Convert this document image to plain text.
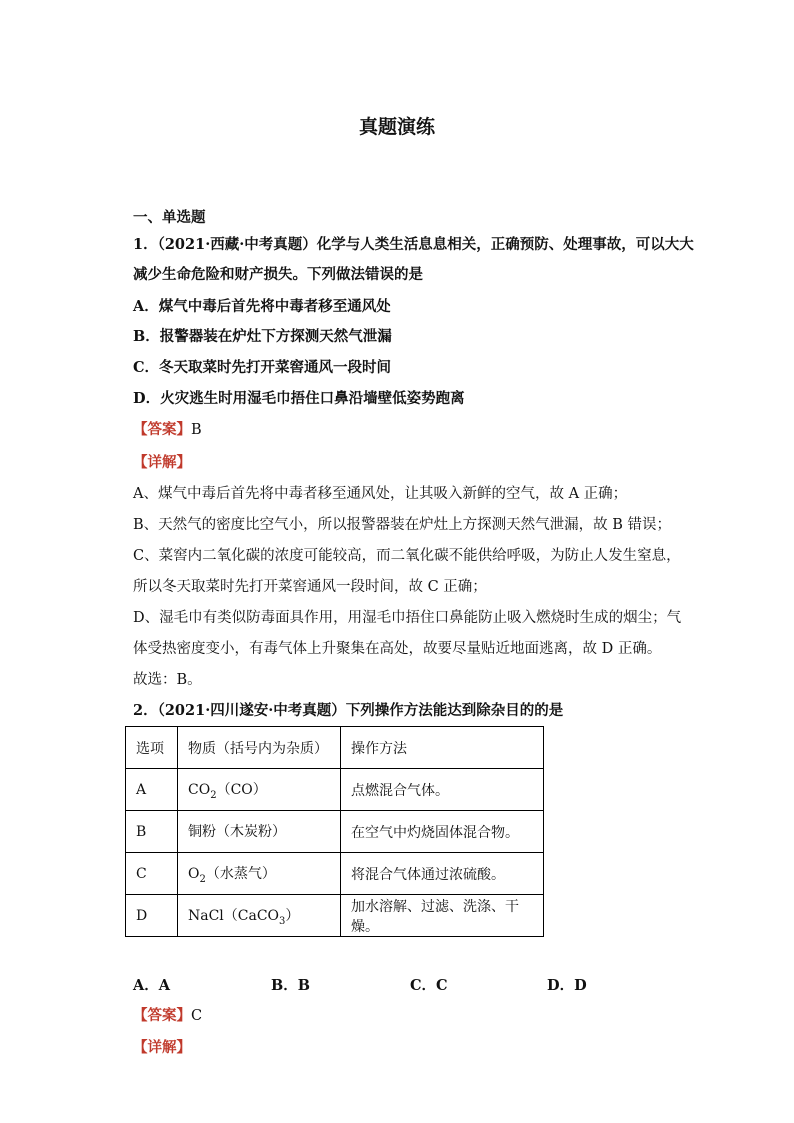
真题演练
一、单选题
1．（2021·西藏·中考真题）化学与人类生活息息相关，正确预防、处理事故，可以大大
减少生命危险和财产损失。下列做法错误的是
A．煤气中毒后首先将中毒者移至通风处
B．报警器装在炉灶下方探测天然气泄漏
C．冬天取菜时先打开菜窖通风一段时间
D．火灾逃生时用湿毛巾捂住口鼻沿墙壁低姿势跑离
【答案】B
【详解】
A、煤气中毒后首先将中毒者移至通风处，让其吸入新鲜的空气，故 A 正确；
B、天然气的密度比空气小，所以报警器装在炉灶上方探测天然气泄漏，故 B 错误；
C、菜窖内二氧化碳的浓度可能较高，而二氧化碳不能供给呼吸，为防止人发生窒息，
所以冬天取菜时先打开菜窖通风一段时间，故 C 正确；
D、湿毛巾有类似防毒面具作用，用湿毛巾捂住口鼻能防止吸入燃烧时生成的烟尘；气
体受热密度变小，有毒气体上升聚集在高处，故要尽量贴近地面逃离，故 D 正确。
故选：B。
2．（2021·四川遂安·中考真题）下列操作方法能达到除杂目的的是
选项	物质（括号内为杂质）	操作方法
A	$CO_2(CO)$	点燃混合气体。
B	铜粉（木炭粉）	在空气中灼烧固体混合物。
C	$O_2$（水蒸气）	将混合气体通过浓硫酸。
D	NaCl（CaCO$_3$）	加水溶解、过滤、洗涤、干燥。
A．A	B．B	C．C	D．D
【答案】C
【详解】
